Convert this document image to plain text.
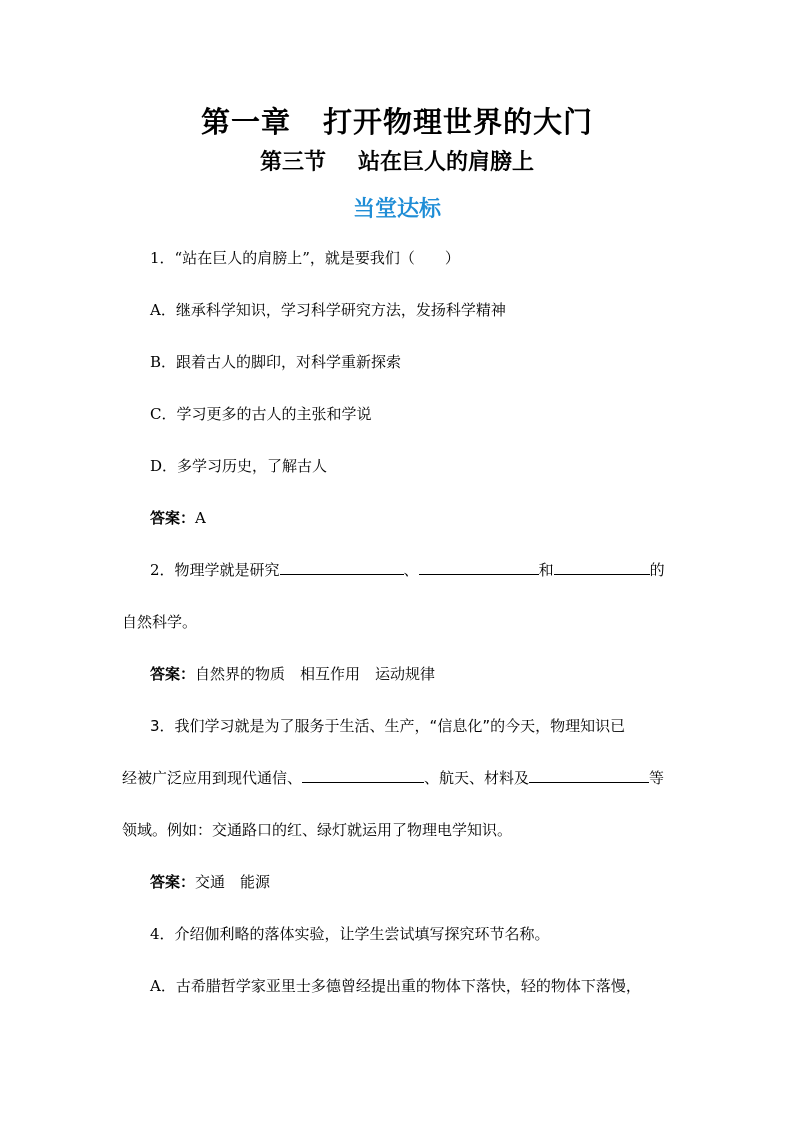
第一章 打开物理世界的大门
第三节 站在巨人的肩膀上
当堂达标
1．“站在巨人的肩膀上”，就是要我们（ ）
A．继承科学知识，学习科学研究方法，发扬科学精神
B．跟着古人的脚印，对科学重新探索
C．学习更多的古人的主张和学说
D．多学习历史，了解古人
答案：A
2．物理学就是研究	、	和	的
自然科学。
答案：自然界的物质　相互作用　运动规律
3．我们学习就是为了服务于生活、生产，“信息化”的今天，物理知识已
经被广泛应用到现代通信、	、航天、材料及	等
领域。例如：交通路口的红、绿灯就运用了物理电学知识。
答案：交通　能源
4．介绍伽利略的落体实验，让学生尝试填写探究环节名称。
A．古希腊哲学家亚里士多德曾经提出重的物体下落快，轻的物体下落慢，
